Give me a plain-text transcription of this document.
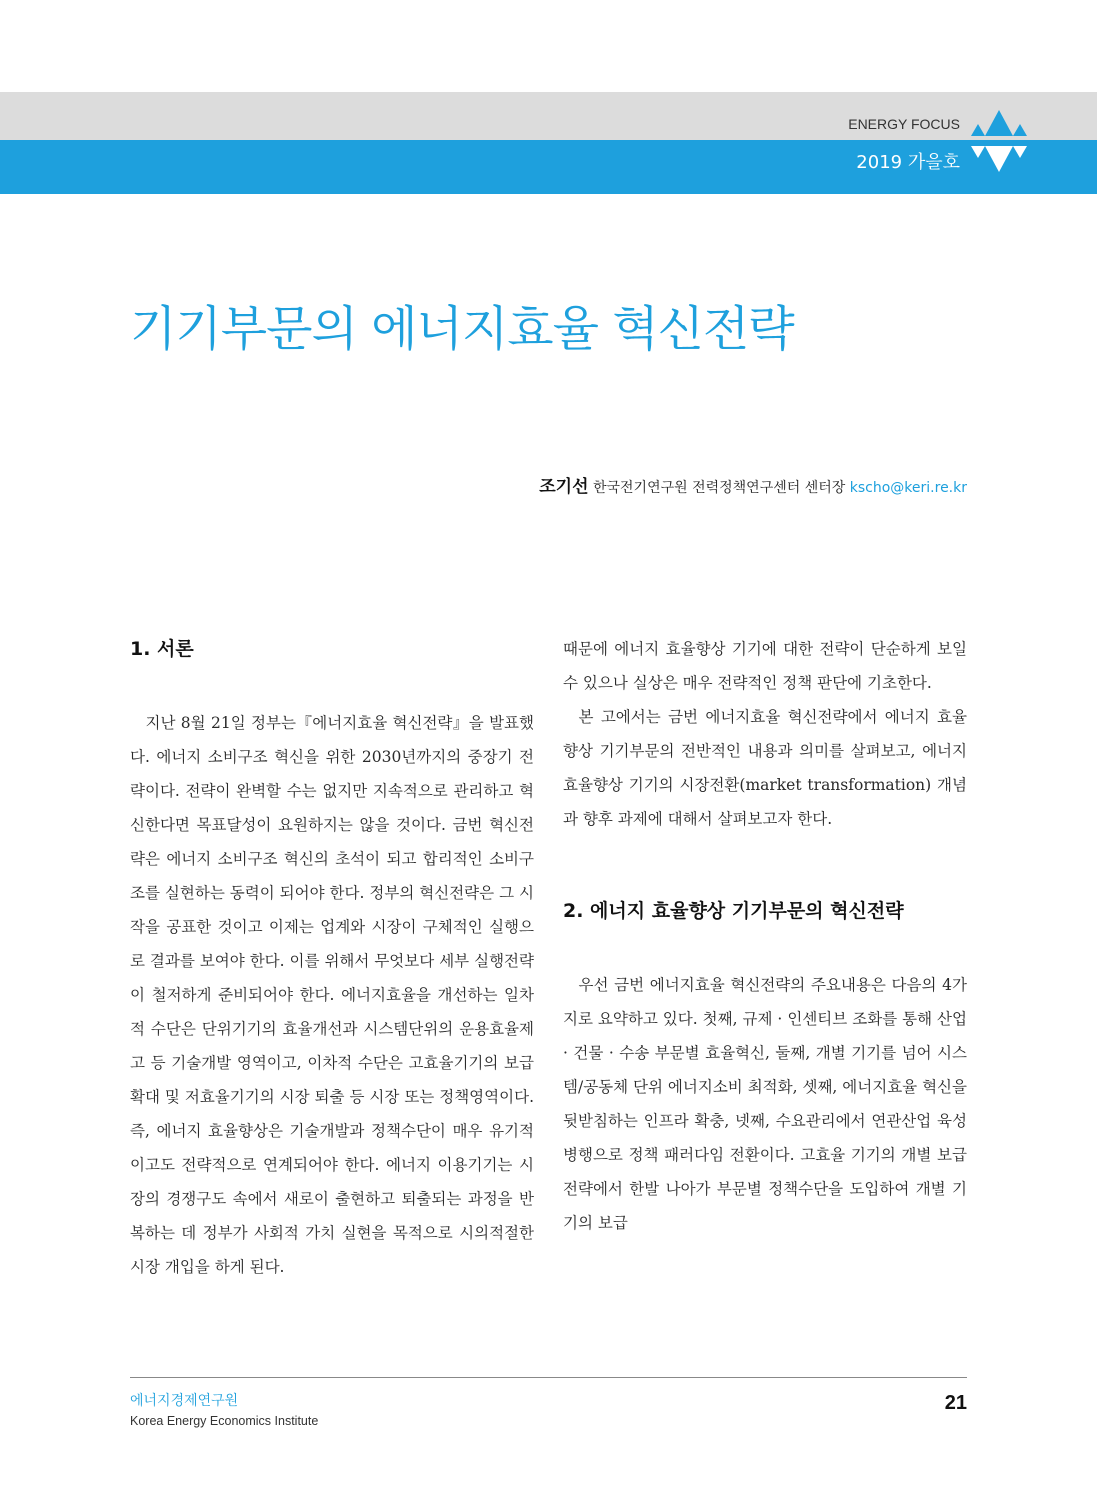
ENERGY FOCUS
2019 가을호
기기부문의 에너지효율 혁신전략
조기선 한국전기연구원 전력정책연구센터 센터장 kscho@keri.re.kr
1. 서론

지난 8월 21일 정부는『에너지효율 혁신전략』을 발표했다. 에너지 소비구조 혁신을 위한 2030년까지의 중장기 전략이다. 전략이 완벽할 수는 없지만 지속적으로 관리하고 혁신한다면 목표달성이 요원하지는 않을 것이다. 금번 혁신전략은 에너지 소비구조 혁신의 초석이 되고 합리적인 소비구조를 실현하는 동력이 되어야 한다. 정부의 혁신전략은 그 시작을 공표한 것이고 이제는 업계와 시장이 구체적인 실행으로 결과를 보여야 한다. 이를 위해서 무엇보다 세부 실행전략이 철저하게 준비되어야 한다. 에너지효율을 개선하는 일차적 수단은 단위기기의 효율개선과 시스템단위의 운용효율제고 등 기술개발 영역이고, 이차적 수단은 고효율기기의 보급 확대 및 저효율기기의 시장 퇴출 등 시장 또는 정책영역이다. 즉, 에너지 효율향상은 기술개발과 정책수단이 매우 유기적이고도 전략적으로 연계되어야 한다. 에너지 이용기기는 시장의 경쟁구도 속에서 새로이 출현하고 퇴출되는 과정을 반복하는 데 정부가 사회적 가치 실현을 목적으로 시의적절한 시장 개입을 하게 된다.

때문에 에너지 효율향상 기기에 대한 전략이 단순하게 보일 수 있으나 실상은 매우 전략적인 정책 판단에 기초한다.

본 고에서는 금번 에너지효율 혁신전략에서 에너지 효율향상 기기부문의 전반적인 내용과 의미를 살펴보고, 에너지 효율향상 기기의 시장전환(market transformation) 개념과 향후 과제에 대해서 살펴보고자 한다.

2. 에너지 효율향상 기기부문의 혁신전략

우선 금번 에너지효율 혁신전략의 주요내용은 다음의 4가지로 요약하고 있다. 첫째, 규제 · 인센티브 조화를 통해 산업 · 건물 · 수송 부문별 효율혁신, 둘째, 개별 기기를 넘어 시스템/공동체 단위 에너지소비 최적화, 셋째, 에너지효율 혁신을 뒷받침하는 인프라 확충, 넷째, 수요관리에서 연관산업 육성병행으로 정책 패러다임 전환이다. 고효율 기기의 개별 보급 전략에서 한발 나아가 부문별 정책수단을 도입하여 개별 기기의 보급

에너지경제연구원
Korea Energy Economics Institute
21
